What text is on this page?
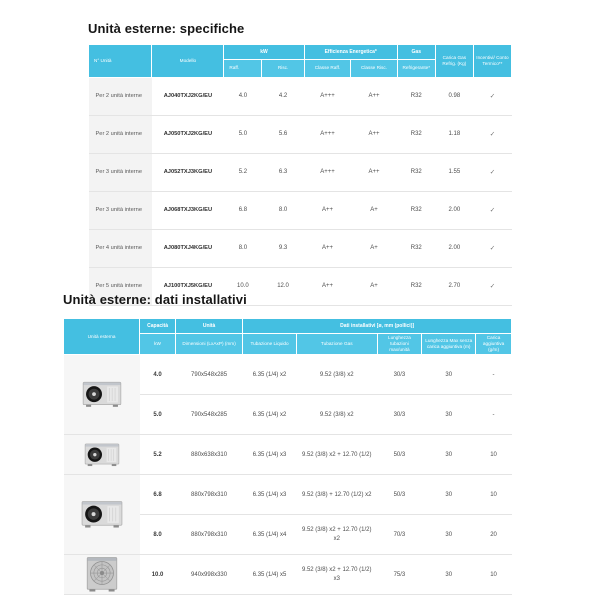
Unità esterne: specifiche
N° Unità	Modello	kW		Efficienza Energetica*		Gas	Carica Gas Refrig. (Kg)	Incentivi/ Conto Termico**
		Raff.	Risc.	Classe Raff.	Classe Risc.	Refrigerante*		
Per 2 unità interne	AJ040TXJ2KG/EU	4.0	4.2	A+++	A++	R32	0.98	✓
Per 2 unità interne	AJ050TXJ2KG/EU	5.0	5.6	A+++	A++	R32	1.18	✓
Per 3 unità interne	AJ052TXJ3KG/EU	5.2	6.3	A+++	A++	R32	1.55	✓
Per 3 unità interne	AJ068TXJ3KG/EU	6.8	8.0	A++	A+	R32	2.00	✓
Per 4 unità interne	AJ080TXJ4KG/EU	8.0	9.3	A++	A+	R32	2.00	✓
Per 5 unità interne	AJ100TXJ5KG/EU	10.0	12.0	A++	A+	R32	2.70	✓
Unità esterne: dati installativi
Unità esterna	Capacità	Unità	Dati installativi [ø, mm (pollici)]				
	kW	Dimensioni (LxAxP) (mm)	Tubazione Liquido	Tubazione Gas	Lunghezza tubazioni max/unità	Lunghezza Max senza carica aggiuntiva (m)	Carica aggiuntiva (g/m)
	4.0	790x548x285	6.35 (1/4) x2	9.52 (3/8) x2	30/3	30	-
	5.0	790x548x285	6.35 (1/4) x2	9.52 (3/8) x2	30/3	30	-
	5.2	880x638x310	6.35 (1/4) x3	9.52 (3/8) x2 + 12.70 (1/2)	50/3	30	10
	6.8	880x798x310	6.35 (1/4) x3	9.52 (3/8) + 12.70 (1/2) x2	50/3	30	10
	8.0	880x798x310	6.35 (1/4) x4	9.52 (3/8) x2 + 12.70 (1/2) x2	70/3	30	20
	10.0	940x998x330	6.35 (1/4) x5	9.52 (3/8) x2 + 12.70 (1/2) x3	75/3	30	10
